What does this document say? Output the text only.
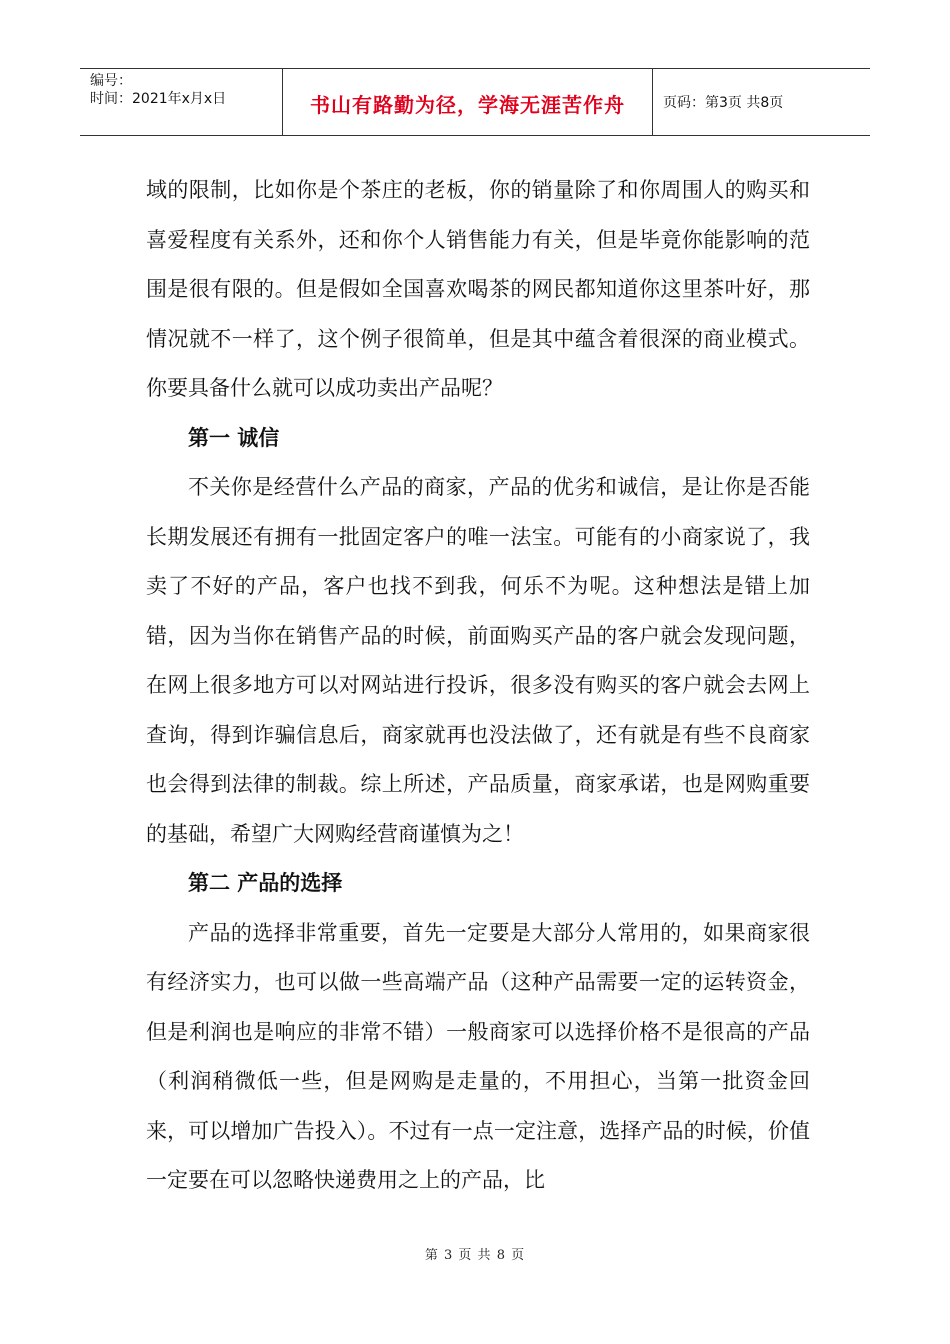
编号：
时间：2021年x月x日	书山有路勤为径，学海无涯苦作舟	页码：第3页 共8页

域的限制，比如你是个茶庄的老板，你的销量除了和你周围人的购买和喜爱程度有关系外，还和你个人销售能力有关，但是毕竟你能影响的范围是很有限的。但是假如全国喜欢喝茶的网民都知道你这里茶叶好，那情况就不一样了，这个例子很简单，但是其中蕴含着很深的商业模式。你要具备什么就可以成功卖出产品呢？

第一 诚信

不关你是经营什么产品的商家，产品的优劣和诚信，是让你是否能长期发展还有拥有一批固定客户的唯一法宝。可能有的小商家说了，我卖了不好的产品，客户也找不到我，何乐不为呢。这种想法是错上加错，因为当你在销售产品的时候，前面购买产品的客户就会发现问题，在网上很多地方可以对网站进行投诉，很多没有购买的客户就会去网上查询，得到诈骗信息后，商家就再也没法做了，还有就是有些不良商家也会得到法律的制裁。综上所述，产品质量，商家承诺，也是网购重要的基础，希望广大网购经营商谨慎为之！

第二 产品的选择

产品的选择非常重要，首先一定要是大部分人常用的，如果商家很有经济实力，也可以做一些高端产品（这种产品需要一定的运转资金，但是利润也是响应的非常不错）一般商家可以选择价格不是很高的产品（利润稍微低一些，但是网购是走量的，不用担心，当第一批资金回来，可以增加广告投入）。不过有一点一定注意，选择产品的时候，价值一定要在可以忽略快递费用之上的产品，比

第 3 页 共 8 页
